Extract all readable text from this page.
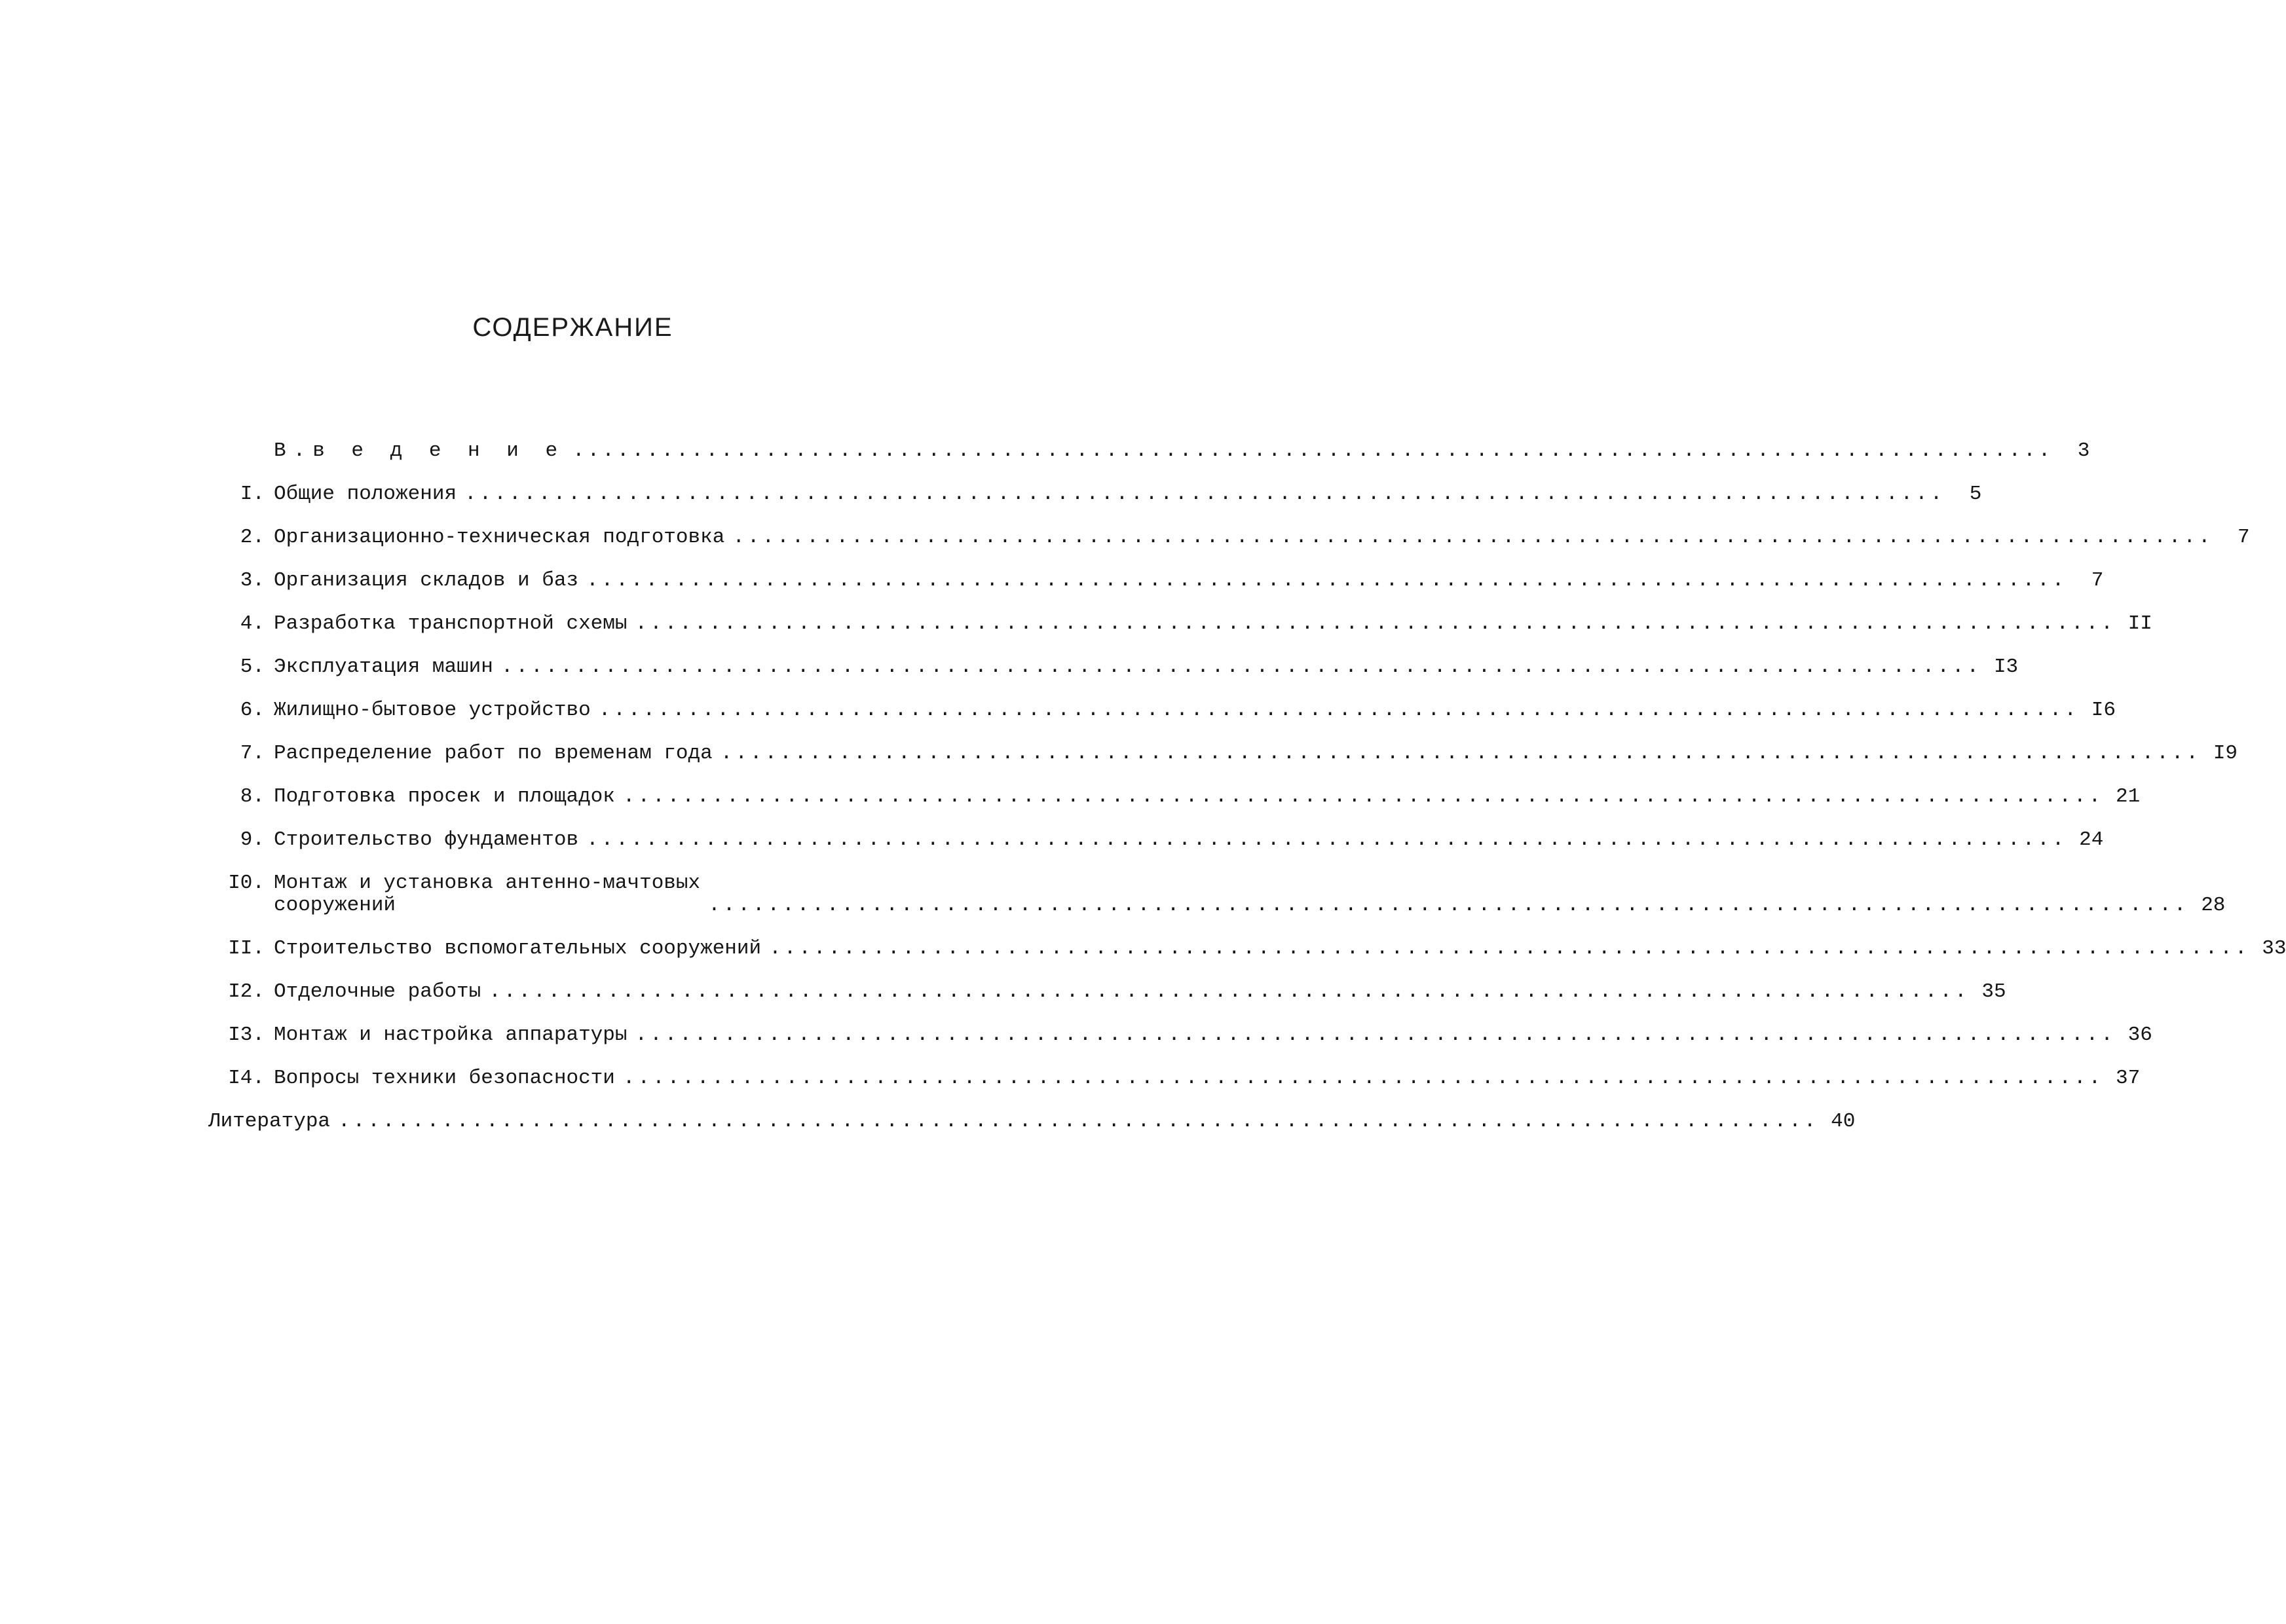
СОДЕРЖАНИЕ
В.в е д е н и е ....................................................................................................	3
I. Общие положения ....................................................................................................	5
2. Организационно-техническая подготовка ....................................................................................................	7
3. Организация складов и баз ....................................................................................................	7
4. Разработка транспортной схемы .................................................................................................... II
5. Эксплуатация машин .................................................................................................... I3
6. Жилищно-бытовое устройство .................................................................................................... I6
7. Распределение работ по временам года .................................................................................................... I9
8. Подготовка просек и площадок .................................................................................................... 21
9. Строительство фундаментов .................................................................................................... 24
I0. Монтаж и установка антенно-мачтовых
сооружений	.................................................................................................... 28
II. Строительство вспомогательных сооружений .................................................................................................... 33
I2. Отделочные работы .................................................................................................... 35
I3. Монтаж и настройка аппаратуры .................................................................................................... 36
I4. Вопросы техники безопасности .................................................................................................... 37
Литература .................................................................................................... 40
